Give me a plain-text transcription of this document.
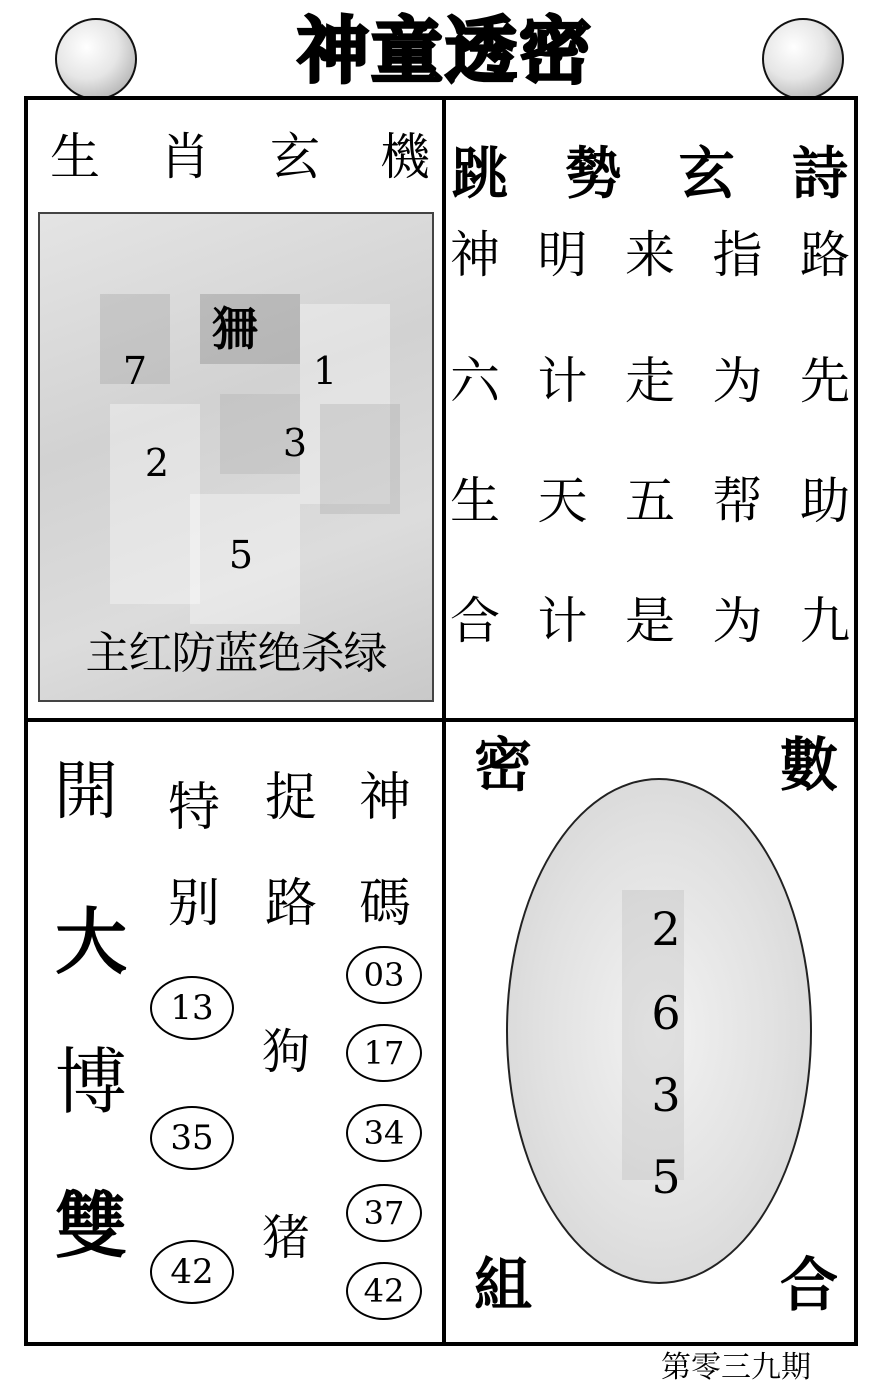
神童透密
生 肖 玄 機
狦
7	1
2	3
5
主红防蓝绝杀绿
跳 勢 玄 詩
神 明 来 指 路
六 计 走 为 先
生 天 五 帮 助
合 计 是 为 九
開
大
博
雙
特
别
13
35
42
捉
路
狗
猪
神
碼
03
17
34
37
42
密	數
組	合
2
6
3
5
第零三九期
